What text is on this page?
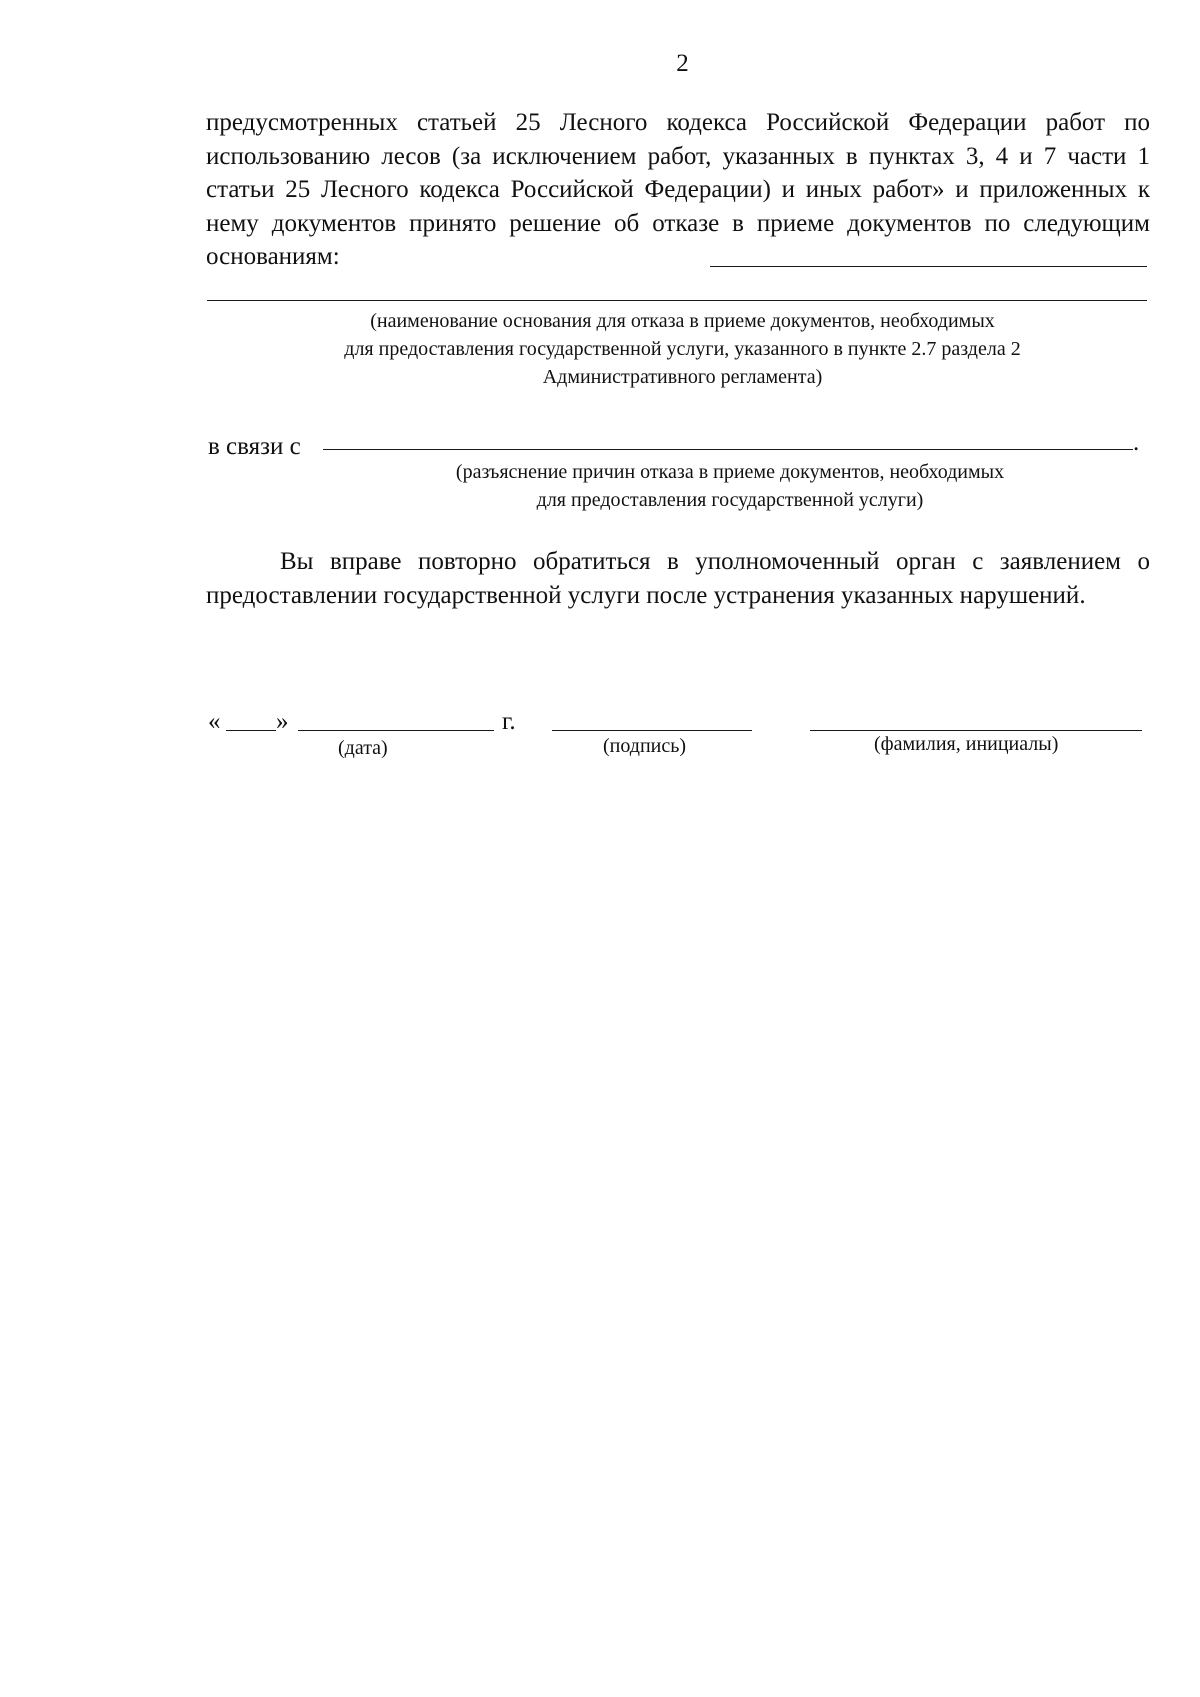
2
предусмотренных статьей 25 Лесного кодекса Российской Федерации работ по использованию лесов (за исключением работ, указанных в пунктах 3, 4 и 7 части 1 статьи 25 Лесного кодекса Российской Федерации) и иных работ» и приложенных к нему документов принято решение об отказе в приеме документов по следующим основаниям:
(наименование основания для отказа в приеме документов, необходимых
для предоставления государственной услуги, указанного в пункте 2.7 раздела 2
Административного регламента)
в связи с	.
(разъяснение причин отказа в приеме документов, необходимых
для предоставления государственной услуги)
Вы вправе повторно обратиться в уполномоченный орган с заявлением о предоставлении государственной услуги после устранения указанных нарушений.
« »	г.
(дата)	(подпись)	(фамилия, инициалы)
